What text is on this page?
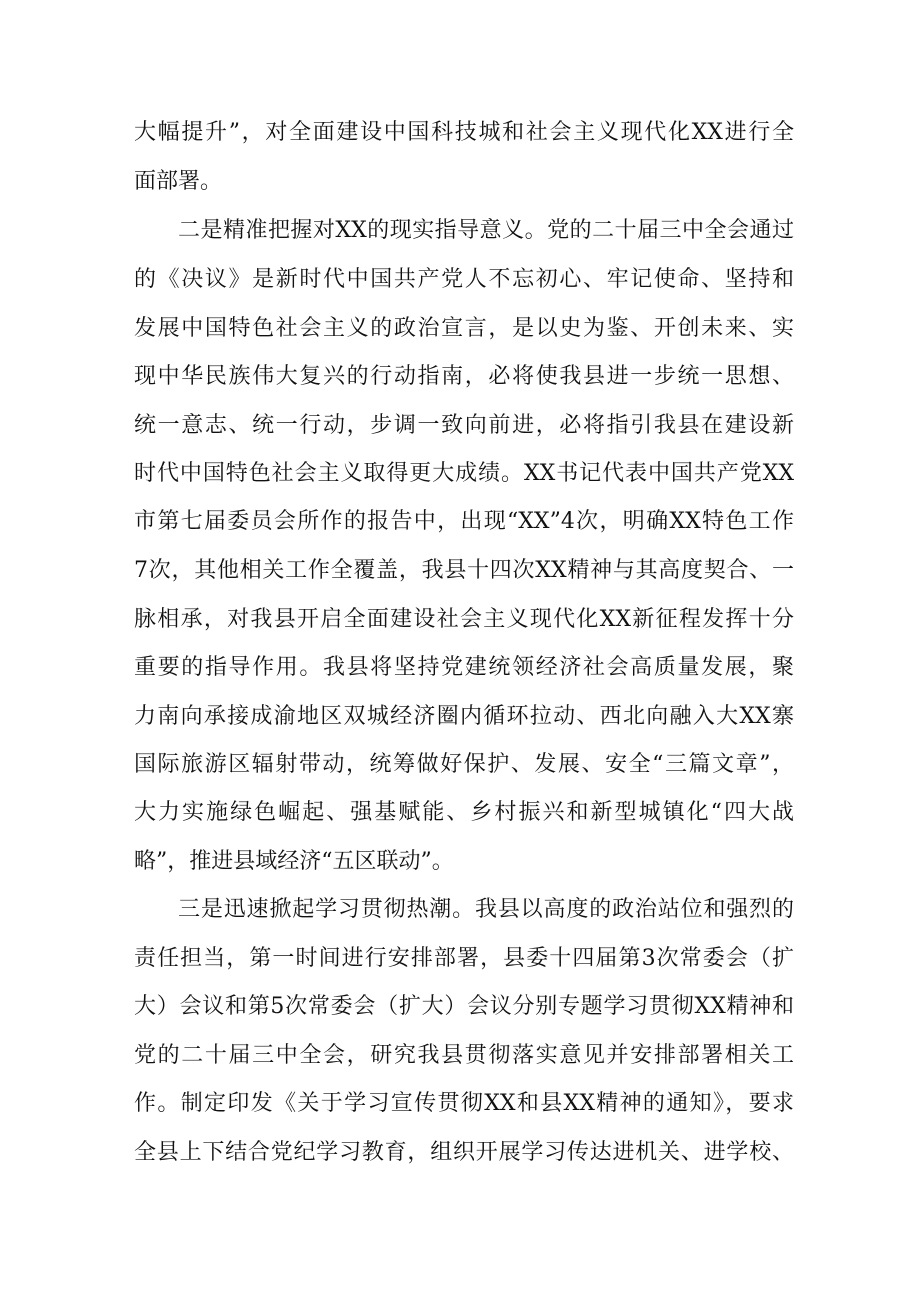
大幅提升”，对全面建设中国科技城和社会主义现代化XX进行全
面部署。
二是精准把握对XX的现实指导意义。党的二十届三中全会通过
的《决议》是新时代中国共产党人不忘初心、牢记使命、坚持和
发展中国特色社会主义的政治宣言，是以史为鉴、开创未来、实
现中华民族伟大复兴的行动指南，必将使我县进一步统一思想、
统一意志、统一行动，步调一致向前进，必将指引我县在建设新
时代中国特色社会主义取得更大成绩。XX书记代表中国共产党XX
市第七届委员会所作的报告中，出现“XX”4次，明确XX特色工作
7次，其他相关工作全覆盖，我县十四次XX精神与其高度契合、一
脉相承，对我县开启全面建设社会主义现代化XX新征程发挥十分
重要的指导作用。我县将坚持党建统领经济社会高质量发展，聚
力南向承接成渝地区双城经济圈内循环拉动、西北向融入大XX寨
国际旅游区辐射带动，统筹做好保护、发展、安全“三篇文章”，
大力实施绿色崛起、强基赋能、乡村振兴和新型城镇化“四大战
略”，推进县域经济“五区联动”。
三是迅速掀起学习贯彻热潮。我县以高度的政治站位和强烈的
责任担当，第一时间进行安排部署，县委十四届第3次常委会（扩
大）会议和第5次常委会（扩大）会议分别专题学习贯彻XX精神和
党的二十届三中全会，研究我县贯彻落实意见并安排部署相关工
作。制定印发《关于学习宣传贯彻XX和县XX精神的通知》，要求
全县上下结合党纪学习教育，组织开展学习传达进机关、进学校、
